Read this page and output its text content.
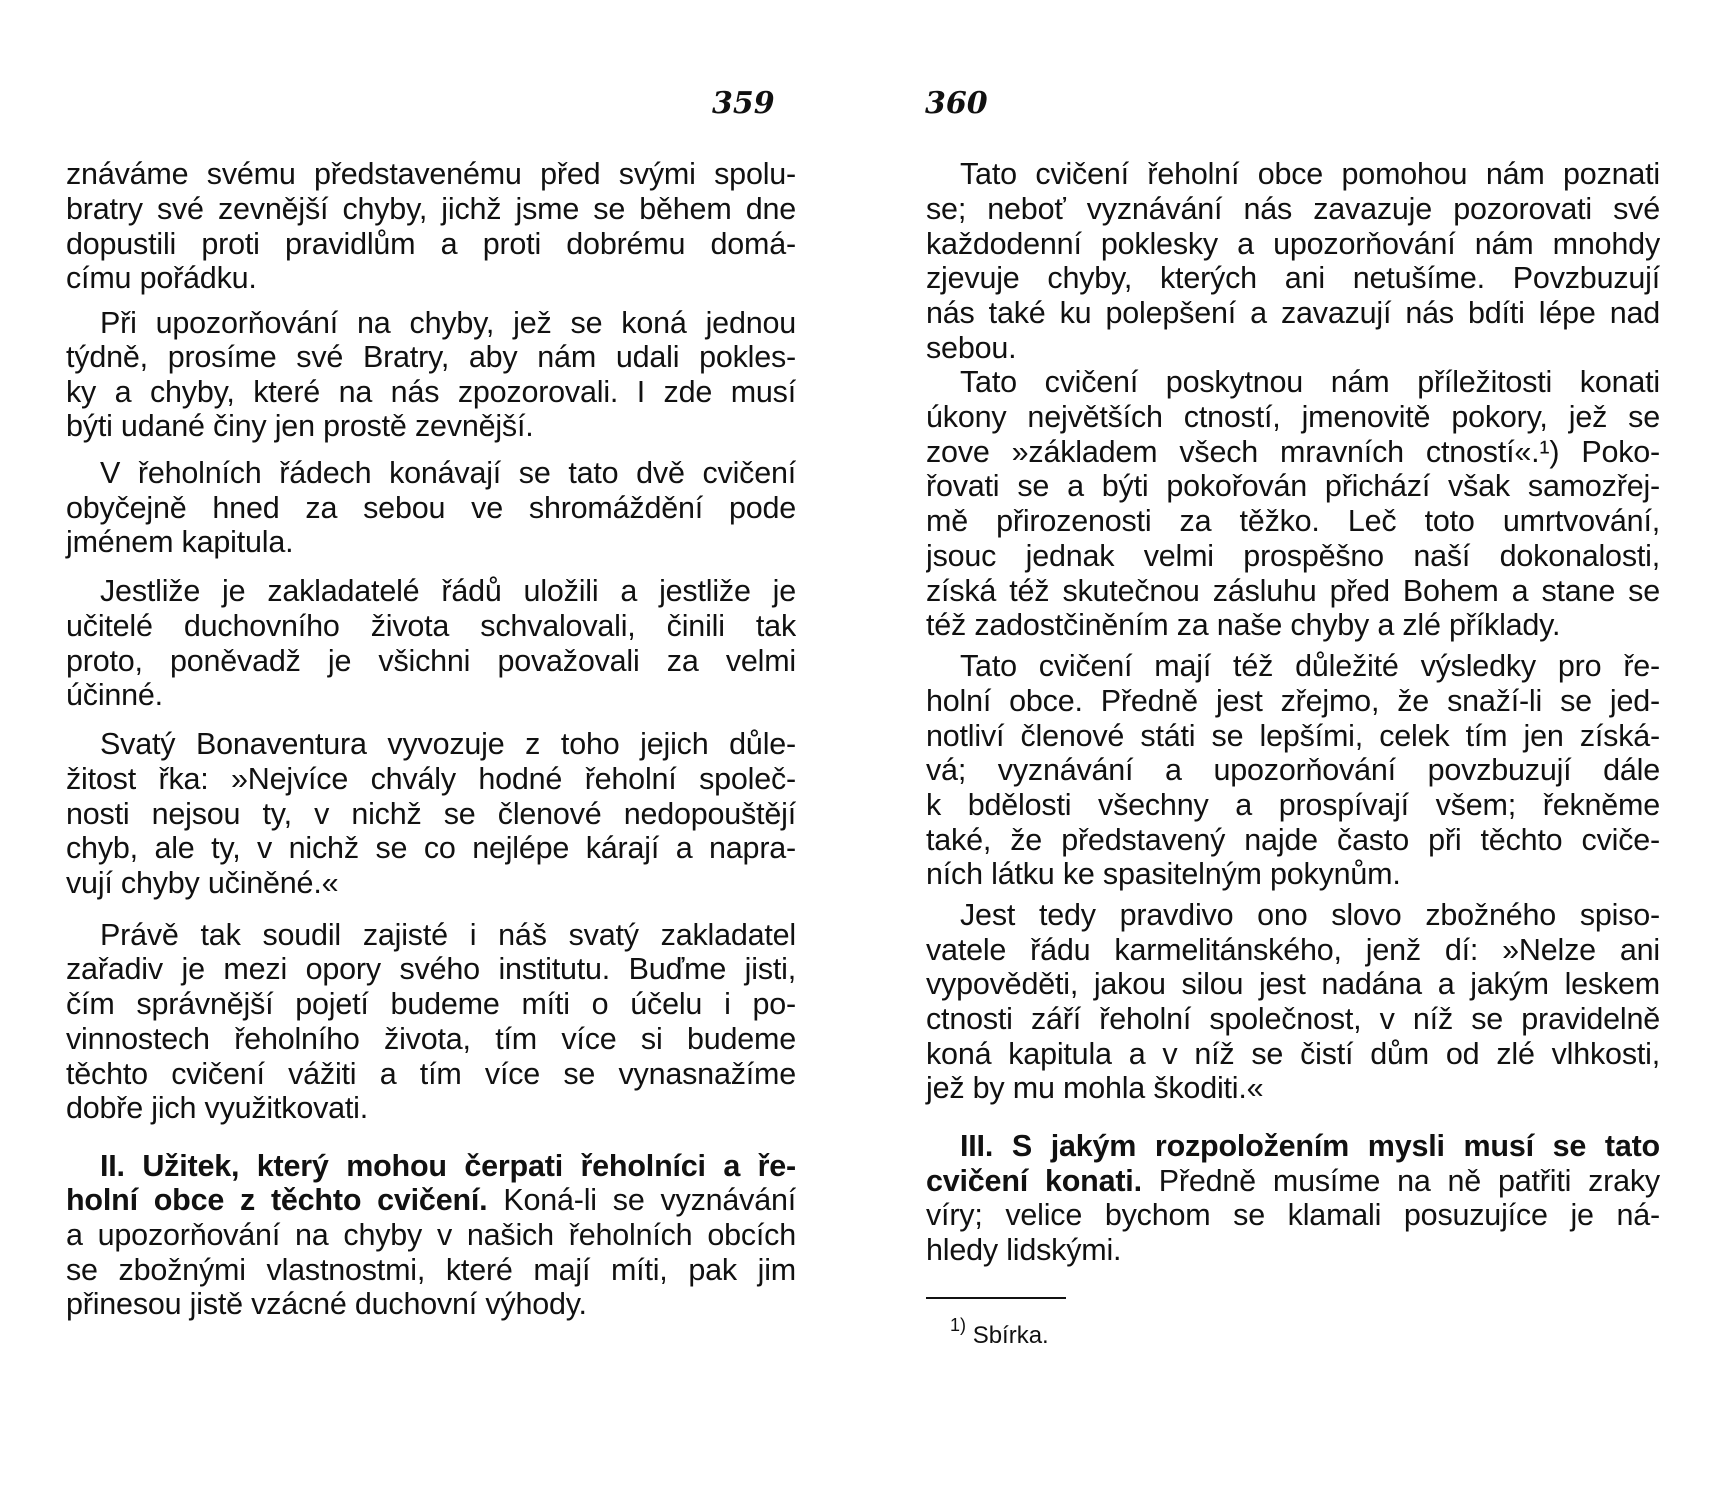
359	360
znáváme svému představenému před svými spolu-
bratry své zevnější chyby, jichž jsme se během dne
dopustili proti pravidlům a proti dobrému domá-
címu pořádku.
Při upozorňování na chyby, jež se koná jednou
týdně, prosíme své Bratry, aby nám udali pokles-
ky a chyby, které na nás zpozorovali. I zde musí
býti udané činy jen prostě zevnější.
V řeholních řádech konávají se tato dvě cvičení
obyčejně hned za sebou ve shromáždění pode
jménem kapitula.
Jestliže je zakladatelé řádů uložili a jestliže je
učitelé duchovního života schvalovali, činili tak
proto, poněvadž je všichni považovali za velmi
účinné.
Svatý Bonaventura vyvozuje z toho jejich důle-
žitost řka: »Nejvíce chvály hodné řeholní společ-
nosti nejsou ty, v nichž se členové nedopouštějí
chyb, ale ty, v nichž se co nejlépe kárají a napra-
vují chyby učiněné.«
Právě tak soudil zajisté i náš svatý zakladatel
zařadiv je mezi opory svého institutu. Buďme jisti,
čím správnější pojetí budeme míti o účelu i po-
vinnostech řeholního života, tím více si budeme
těchto cvičení vážiti a tím více se vynasnažíme
dobře jich využitkovati.
II. Užitek, který mohou čerpati řeholníci a ře-
holní obce z těchto cvičení. Koná-li se vyznávání
a upozorňování na chyby v našich řeholních obcích
se zbožnými vlastnostmi, které mají míti, pak jim
přinesou jistě vzácné duchovní výhody.
Tato cvičení řeholní obce pomohou nám poznati
se; neboť vyznávání nás zavazuje pozorovati své
každodenní poklesky a upozorňování nám mnohdy
zjevuje chyby, kterých ani netušíme. Povzbuzují
nás také ku polepšení a zavazují nás bdíti lépe nad
sebou.
Tato cvičení poskytnou nám příležitosti konati
úkony největších ctností, jmenovitě pokory, jež se
zove »základem všech mravních ctností«.¹) Poko-
řovati se a býti pokořován přichází však samozřej-
mě přirozenosti za těžko. Leč toto umrtvování,
jsouc jednak velmi prospěšno naší dokonalosti,
získá též skutečnou zásluhu před Bohem a stane se
též zadostčiněním za naše chyby a zlé příklady.
Tato cvičení mají též důležité výsledky pro ře-
holní obce. Předně jest zřejmo, že snaží-li se jed-
notliví členové státi se lepšími, celek tím jen získá-
vá; vyznávání a upozorňování povzbuzují dále
k bdělosti všechny a prospívají všem; řekněme
také, že představený najde často při těchto cviče-
ních látku ke spasitelným pokynům.
Jest tedy pravdivo ono slovo zbožného spiso-
vatele řádu karmelitánského, jenž dí: »Nelze ani
vypověděti, jakou silou jest nadána a jakým leskem
ctnosti září řeholní společnost, v níž se pravidelně
koná kapitula a v níž se čistí dům od zlé vlhkosti,
jež by mu mohla škoditi.«
III. S jakým rozpoložením mysli musí se tato
cvičení konati. Předně musíme na ně patřiti zraky
víry; velice bychom se klamali posuzujíce je ná-
hledy lidskými.
$^{1)}$ Sbírka.
